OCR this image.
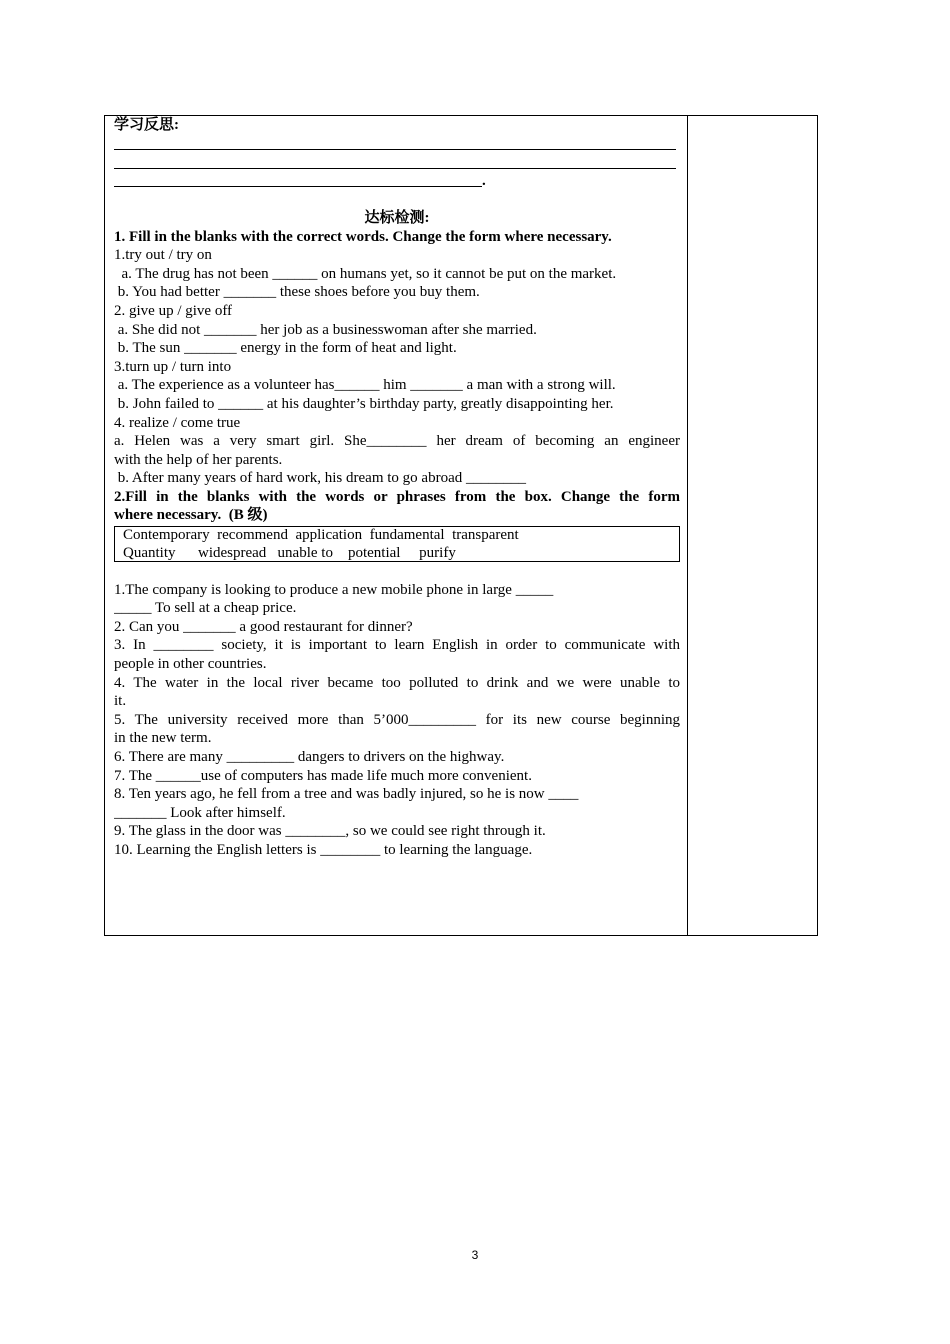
学习反思:
.
达标检测:
1. Fill in the blanks with the correct words. Change the form where necessary.
1.try out / try on
a. The drug has not been ______ on humans yet, so it cannot be put on the market.
b. You had better _______ these shoes before you buy them.
2. give up / give off
a. She did not _______ her job as a businesswoman after she married.
b. The sun _______ energy in the form of heat and light.
3.turn up / turn into
a. The experience as a volunteer has______ him _______ a man with a strong will.
b. John failed to ______ at his daughter’s birthday party, greatly disappointing her.
4. realize / come true
a. Helen was a very smart girl. She________ her dream of becoming an engineer
with the help of her parents.
b. After many years of hard work, his dream to go abroad ________
2.Fill in the blanks with the words or phrases from the box. Change the form
where necessary.  (B 级)
Contemporary  recommend  application  fundamental  transparent
Quantity      widespread   unable to    potential     purify
1.The company is looking to produce a new mobile phone in large _____
_____ To sell at a cheap price.
2. Can you _______ a good restaurant for dinner?
3. In ________ society, it is important to learn English in order to communicate with
people in other countries.
4. The water in the local river became too polluted to drink and we were unable to
it.
5. The university received more than 5’000_________ for its new course beginning
in the new term.
6. There are many _________ dangers to drivers on the highway.
7. The ______use of computers has made life much more convenient.
8. Ten years ago, he fell from a tree and was badly injured, so he is now ____
_______ Look after himself.
9. The glass in the door was ________, so we could see right through it.
10. Learning the English letters is ________ to learning the language.
3
